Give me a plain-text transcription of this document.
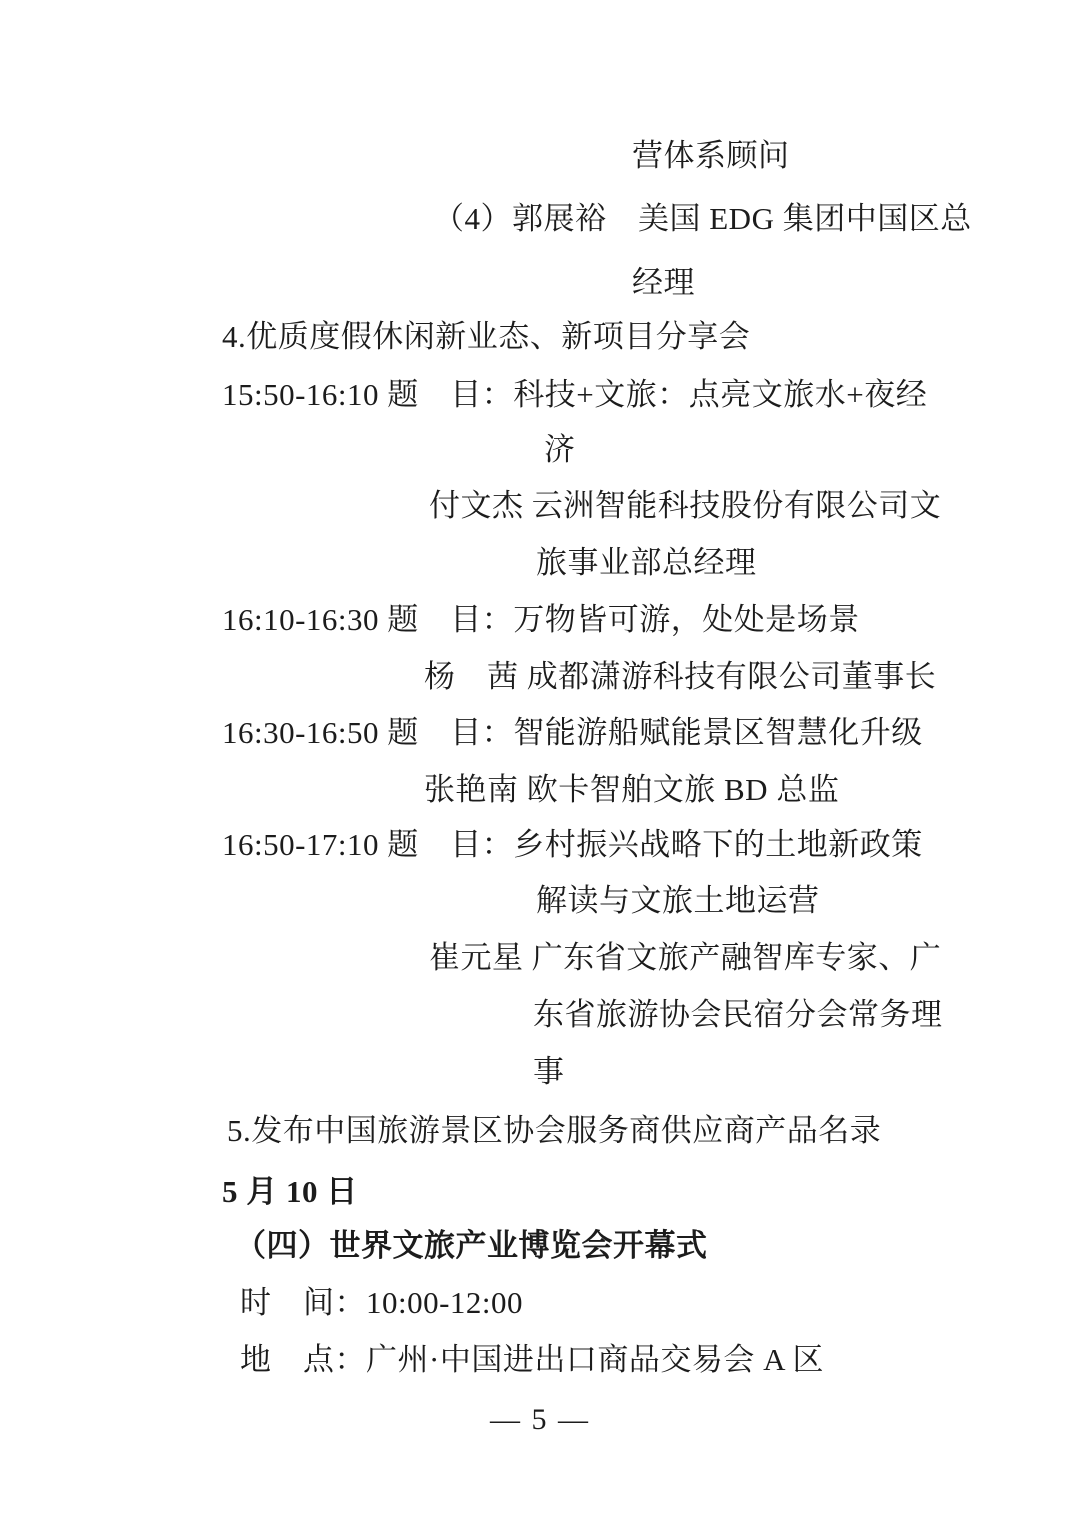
营体系顾问
（4）郭展裕　美国 EDG 集团中国区总
经理
4.优质度假休闲新业态、新项目分享会
15:50-16:10 题　目：科技+文旅：点亮文旅水+夜经
济
付文杰 云洲智能科技股份有限公司文
旅事业部总经理
16:10-16:30 题　目：万物皆可游，处处是场景
杨　茜 成都潇游科技有限公司董事长
16:30-16:50 题　目：智能游船赋能景区智慧化升级
张艳南 欧卡智舶文旅 BD 总监
16:50-17:10 题　目：乡村振兴战略下的土地新政策
解读与文旅土地运营
崔元星 广东省文旅产融智库专家、广
东省旅游协会民宿分会常务理
事
5.发布中国旅游景区协会服务商供应商产品名录
5 月 10 日
（四）世界文旅产业博览会开幕式
时　间：10:00-12:00
地　点：广州·中国进出口商品交易会 A 区
— 5 —
